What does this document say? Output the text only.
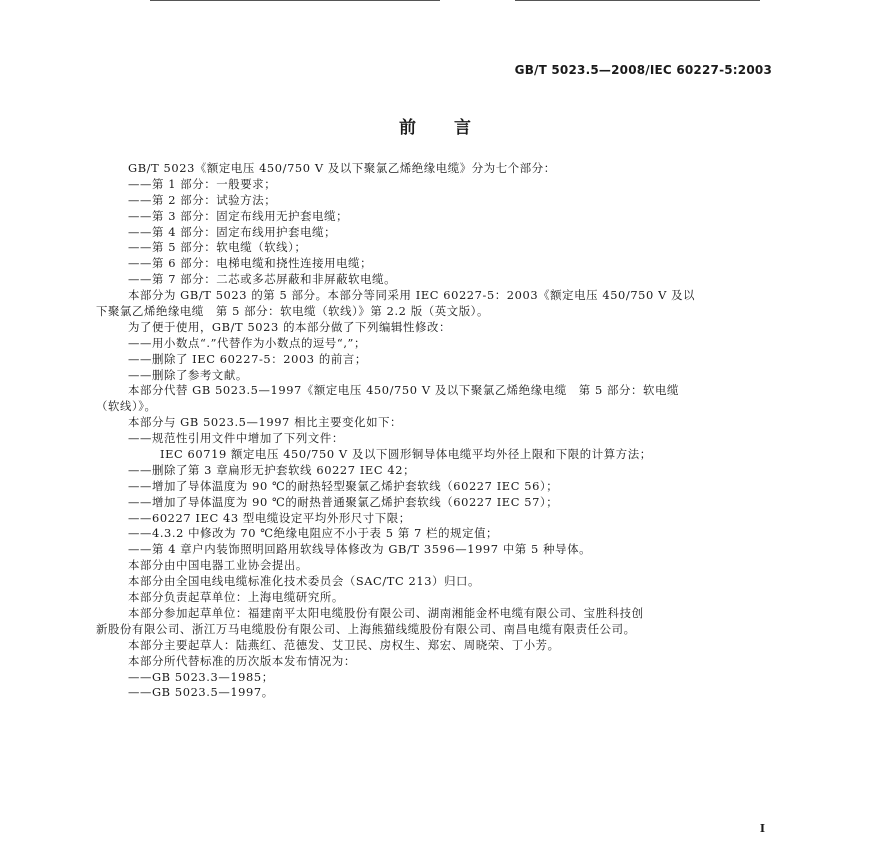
GB/T 5023.5—2008/IEC 60227-5:2003
前言
GB/T 5023《额定电压 450/750 V 及以下聚氯乙烯绝缘电缆》分为七个部分：
——第 1 部分：一般要求；
——第 2 部分：试验方法；
——第 3 部分：固定布线用无护套电缆；
——第 4 部分：固定布线用护套电缆；
——第 5 部分：软电缆（软线）；
——第 6 部分：电梯电缆和挠性连接用电缆；
——第 7 部分：二芯或多芯屏蔽和非屏蔽软电缆。
本部分为 GB/T 5023 的第 5 部分。本部分等同采用 IEC 60227-5：2003《额定电压 450/750 V 及以
下聚氯乙烯绝缘电缆　第 5 部分：软电缆（软线）》第 2.2 版（英文版）。
为了便于使用，GB/T 5023 的本部分做了下列编辑性修改：
——用小数点“.”代替作为小数点的逗号“,”；
——删除了 IEC 60227-5：2003 的前言；
——删除了参考文献。
本部分代替 GB 5023.5—1997《额定电压 450/750 V 及以下聚氯乙烯绝缘电缆　第 5 部分：软电缆
（软线）》。
本部分与 GB 5023.5—1997 相比主要变化如下：
——规范性引用文件中增加了下列文件：
IEC 60719 额定电压 450/750 V 及以下圆形铜导体电缆平均外径上限和下限的计算方法；
——删除了第 3 章扁形无护套软线 60227 IEC 42；
——增加了导体温度为 90 ℃的耐热轻型聚氯乙烯护套软线（60227 IEC 56）；
——增加了导体温度为 90 ℃的耐热普通聚氯乙烯护套软线（60227 IEC 57）；
——60227 IEC 43 型电缆设定平均外形尺寸下限；
——4.3.2 中修改为 70 ℃绝缘电阻应不小于表 5 第 7 栏的规定值；
——第 4 章户内装饰照明回路用软线导体修改为 GB/T 3596—1997 中第 5 种导体。
本部分由中国电器工业协会提出。
本部分由全国电线电缆标准化技术委员会（SAC/TC 213）归口。
本部分负责起草单位：上海电缆研究所。
本部分参加起草单位：福建南平太阳电缆股份有限公司、湖南湘能金杯电缆有限公司、宝胜科技创
新股份有限公司、浙江万马电缆股份有限公司、上海熊猫线缆股份有限公司、南昌电缆有限责任公司。
本部分主要起草人：陆燕红、范德发、艾卫民、房权生、郑宏、周晓荣、丁小芳。
本部分所代替标准的历次版本发布情况为：
——GB 5023.3—1985；
——GB 5023.5—1997。
I
